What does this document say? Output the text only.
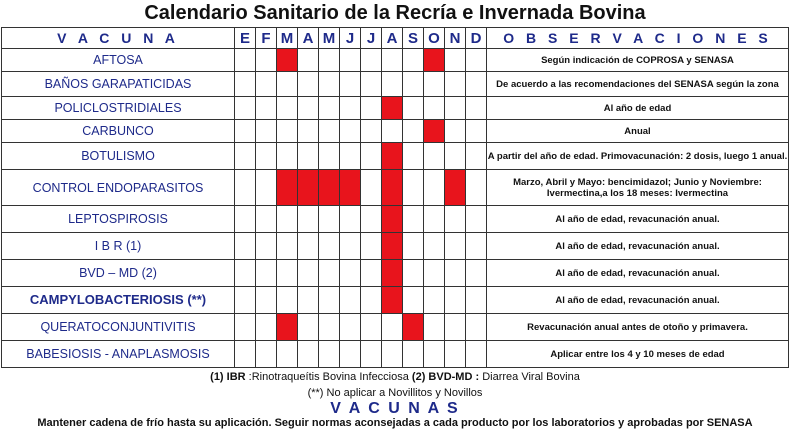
Calendario Sanitario de la Recría e Invernada Bovina
V A C U N A	E	F	M	A	M	J	J	A	S	O	N	D	O B S E R V A C I O N E S
AFTOSA													Según indicación de COPROSA y SENASA
BAÑOS GARAPATICIDAS													De acuerdo a las recomendaciones del SENASA según la zona
POLICLOSTRIDIALES													Al año de edad
CARBUNCO													Anual
BOTULISMO													A partir del año de edad. Primovacunación: 2 dosis, luego 1 anual.
CONTROL ENDOPARASITOS													Marzo, Abril y Mayo: bencimidazol; Junio y Noviembre: Ivermectina,a los 18 meses: Ivermectina
LEPTOSPIROSIS													Al año de edad, revacunación anual.
I B R (1)													Al año de edad, revacunación anual.
BVD – MD (2)													Al año de edad, revacunación anual.
CAMPYLOBACTERIOSIS (**)													Al año de edad, revacunación anual.
QUERATOCONJUNTIVITIS													Revacunación anual antes de otoño y primavera.
BABESIOSIS - ANAPLASMOSIS													Aplicar entre los 4 y 10 meses de edad
(1) IBR :Rinotraqueítis Bovina Infecciosa (2) BVD-MD : Diarrea Viral Bovina
(**) No aplicar a Novillitos y Novillos
V A C U N A S
Mantener cadena de frío hasta su aplicación. Seguir normas aconsejadas a cada producto por los laboratorios y aprobadas por SENASA
